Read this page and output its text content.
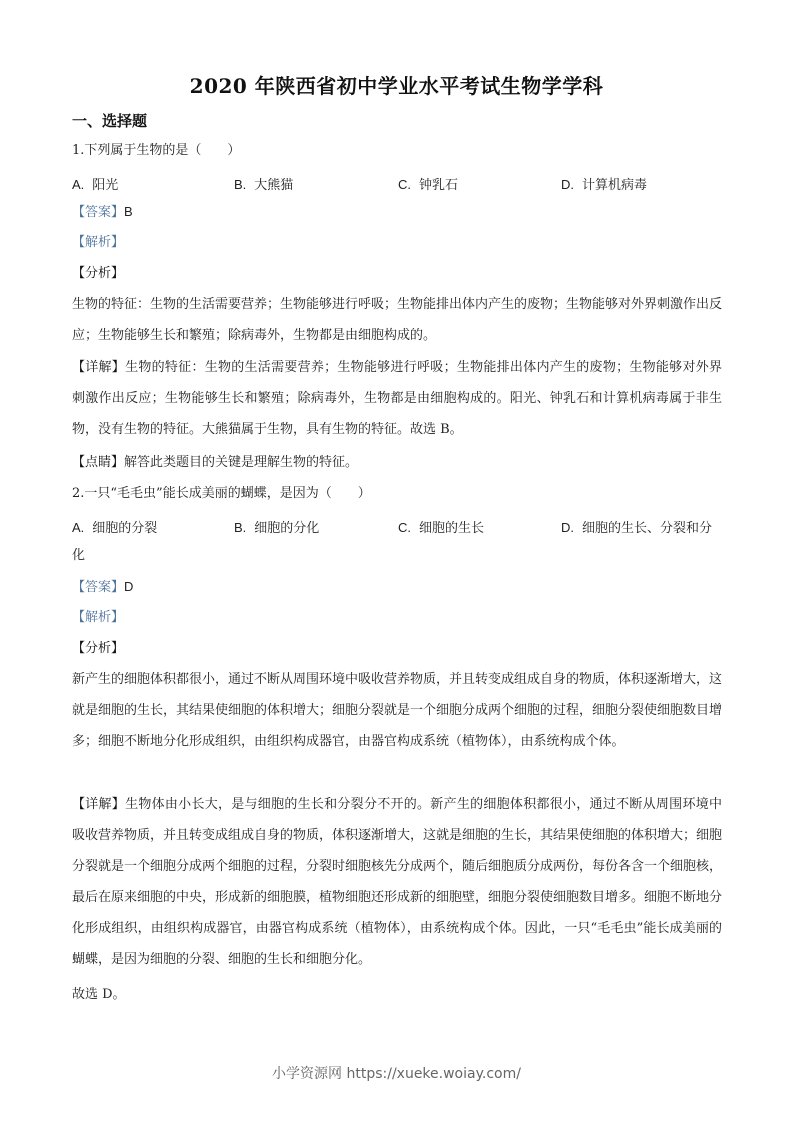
2020 年陕西省初中学业水平考试生物学学科
一、选择题
1.下列属于生物的是（　　）
A. 阳光	B. 大熊猫	C. 钟乳石	D. 计算机病毒
【答案】B
【解析】
【分析】
生物的特征：生物的生活需要营养；生物能够进行呼吸；生物能排出体内产生的废物；生物能够对外界刺激作出反应；生物能够生长和繁殖；除病毒外，生物都是由细胞构成的。
【详解】生物的特征：生物的生活需要营养；生物能够进行呼吸；生物能排出体内产生的废物；生物能够对外界刺激作出反应；生物能够生长和繁殖；除病毒外，生物都是由细胞构成的。阳光、钟乳石和计算机病毒属于非生物，没有生物的特征。大熊猫属于生物，具有生物的特征。故选 B。
【点睛】解答此类题目的关键是理解生物的特征。
2.一只“毛毛虫”能长成美丽的蝴蝶，是因为（　　）
A. 细胞的分裂	B. 细胞的分化	C. 细胞的生长	D. 细胞的生长、分裂和分
化
【答案】D
【解析】
【分析】
新产生的细胞体积都很小，通过不断从周围环境中吸收营养物质，并且转变成组成自身的物质，体积逐渐增大，这就是细胞的生长，其结果使细胞的体积增大；细胞分裂就是一个细胞分成两个细胞的过程，细胞分裂使细胞数目增多；细胞不断地分化形成组织，由组织构成器官，由器官构成系统（植物体），由系统构成个体。
【详解】生物体由小长大，是与细胞的生长和分裂分不开的。新产生的细胞体积都很小，通过不断从周围环境中吸收营养物质，并且转变成组成自身的物质，体积逐渐增大，这就是细胞的生长，其结果使细胞的体积增大；细胞分裂就是一个细胞分成两个细胞的过程，分裂时细胞核先分成两个，随后细胞质分成两份，每份各含一个细胞核，最后在原来细胞的中央，形成新的细胞膜，植物细胞还形成新的细胞壁，细胞分裂使细胞数目增多。细胞不断地分化形成组织，由组织构成器官，由器官构成系统（植物体），由系统构成个体。因此，一只“毛毛虫”能长成美丽的蝴蝶，是因为细胞的分裂、细胞的生长和细胞分化。
故选 D。
小学资源网 https://xueke.woiay.com/
